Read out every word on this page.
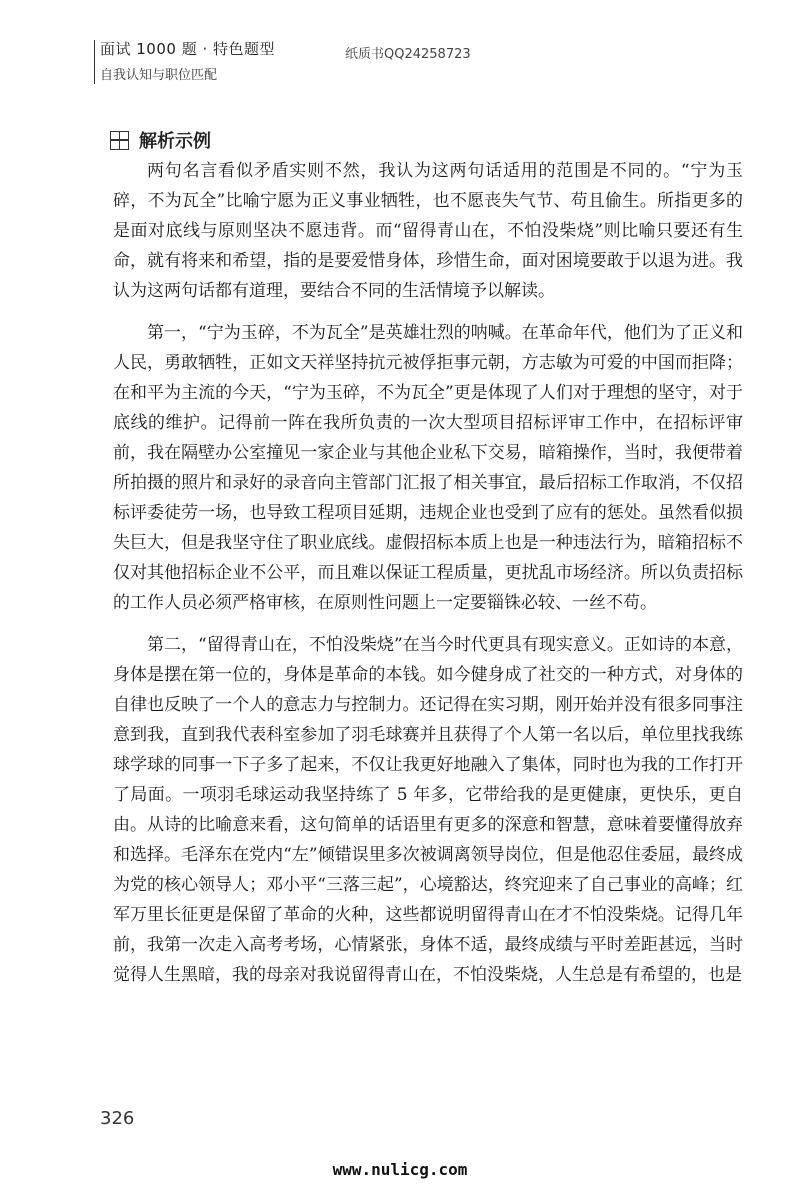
面试 1000 题 · 特色题型
自我认知与职位匹配
纸质书QQ24258723
解析示例

两句名言看似矛盾实则不然，我认为这两句话适用的范围是不同的。“宁为玉碎，不为瓦全”比喻宁愿为正义事业牺牲，也不愿丧失气节、苟且偷生。所指更多的是面对底线与原则坚决不愿违背。而“留得青山在，不怕没柴烧”则比喻只要还有生命，就有将来和希望，指的是要爱惜身体，珍惜生命，面对困境要敢于以退为进。我认为这两句话都有道理，要结合不同的生活情境予以解读。

第一，“宁为玉碎，不为瓦全”是英雄壮烈的呐喊。在革命年代，他们为了正义和人民，勇敢牺牲，正如文天祥坚持抗元被俘拒事元朝，方志敏为可爱的中国而拒降；在和平为主流的今天，“宁为玉碎，不为瓦全”更是体现了人们对于理想的坚守，对于底线的维护。记得前一阵在我所负责的一次大型项目招标评审工作中，在招标评审前，我在隔壁办公室撞见一家企业与其他企业私下交易，暗箱操作，当时，我便带着所拍摄的照片和录好的录音向主管部门汇报了相关事宜，最后招标工作取消，不仅招标评委徒劳一场，也导致工程项目延期，违规企业也受到了应有的惩处。虽然看似损失巨大，但是我坚守住了职业底线。虚假招标本质上也是一种违法行为，暗箱招标不仅对其他招标企业不公平，而且难以保证工程质量，更扰乱市场经济。所以负责招标的工作人员必须严格审核，在原则性问题上一定要锱铢必较、一丝不苟。

第二，“留得青山在，不怕没柴烧”在当今时代更具有现实意义。正如诗的本意，身体是摆在第一位的，身体是革命的本钱。如今健身成了社交的一种方式，对身体的自律也反映了一个人的意志力与控制力。还记得在实习期，刚开始并没有很多同事注意到我，直到我代表科室参加了羽毛球赛并且获得了个人第一名以后，单位里找我练球学球的同事一下子多了起来，不仅让我更好地融入了集体，同时也为我的工作打开了局面。一项羽毛球运动我坚持练了 5 年多，它带给我的是更健康，更快乐，更自由。从诗的比喻意来看，这句简单的话语里有更多的深意和智慧，意味着要懂得放弃和选择。毛泽东在党内“左”倾错误里多次被调离领导岗位，但是他忍住委屈，最终成为党的核心领导人；邓小平“三落三起”，心境豁达，终究迎来了自己事业的高峰；红军万里长征更是保留了革命的火种，这些都说明留得青山在才不怕没柴烧。记得几年前，我第一次走入高考考场，心情紧张，身体不适，最终成绩与平时差距甚远，当时觉得人生黑暗，我的母亲对我说留得青山在，不怕没柴烧，人生总是有希望的，也是

326
www.nulicg.com
